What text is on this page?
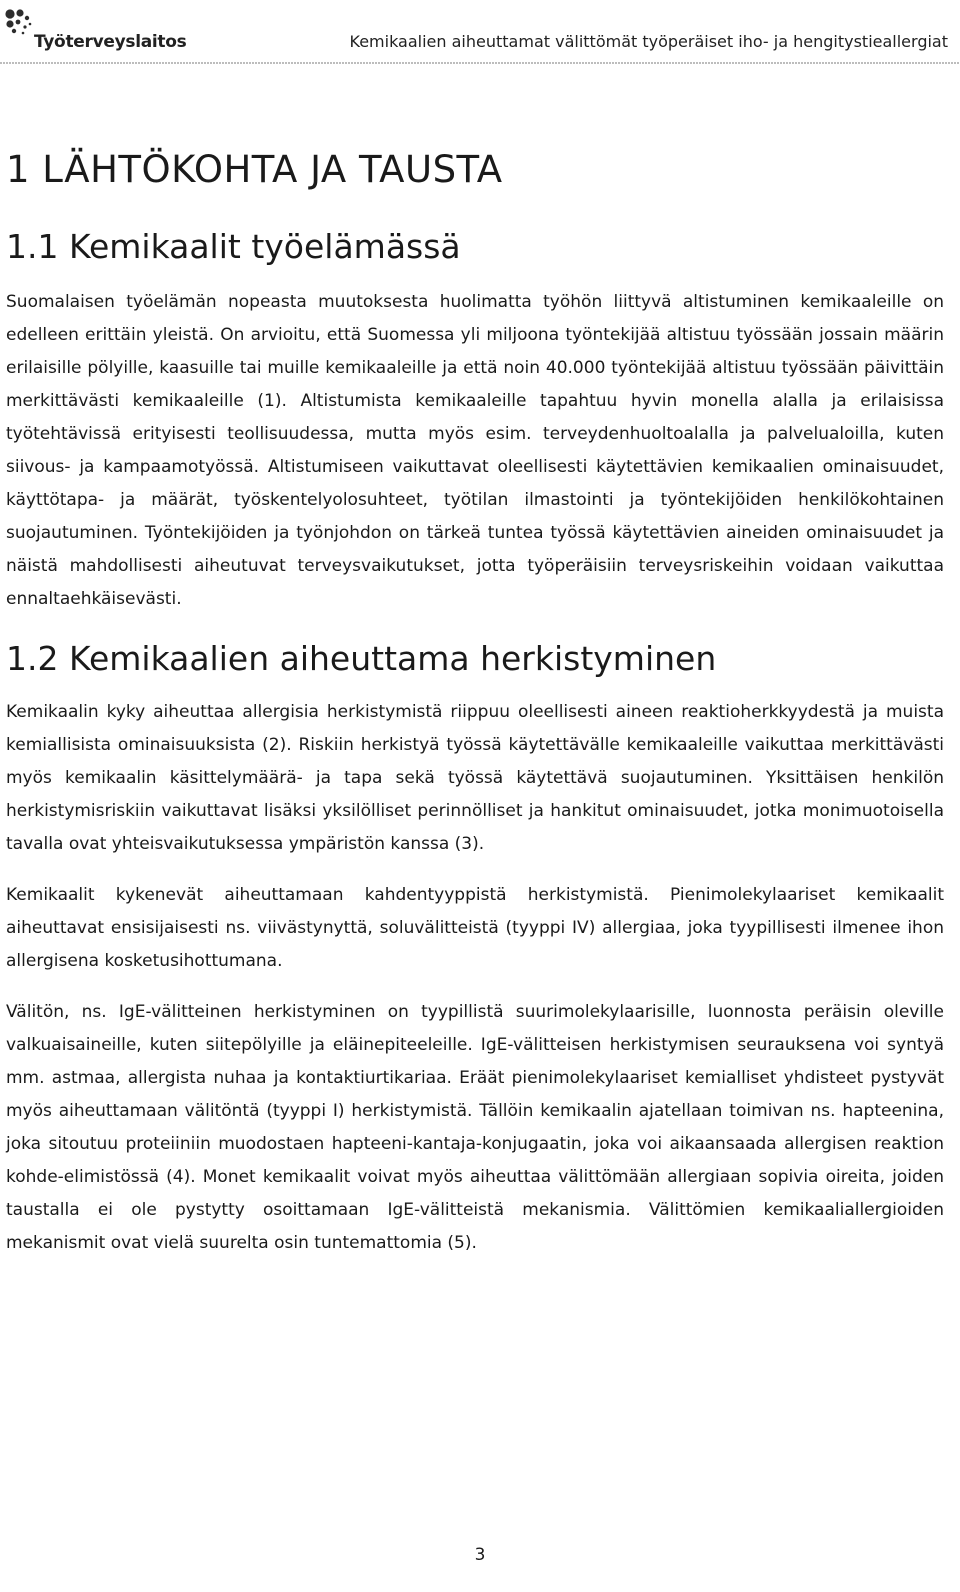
Työterveyslaitos	Kemikaalien aiheuttamat välittömät työperäiset iho- ja hengitystieallergiat
1 LÄHTÖKOHTA JA TAUSTA
1.1 Kemikaalit työelämässä

Suomalaisen työelämän nopeasta muutoksesta huolimatta työhön liittyvä altistuminen kemikaaleille on edelleen erittäin yleistä. On arvioitu, että Suomessa yli miljoona työntekijää altistuu työssään jossain määrin erilaisille pölyille, kaasuille tai muille kemikaaleille ja että noin 40.000 työntekijää altistuu työssään päivittäin merkittävästi kemikaaleille (1). Altistumista kemikaaleille tapahtuu hyvin monella alalla ja erilaisissa työtehtävissä erityisesti teollisuudessa, mutta myös esim. terveydenhuoltoalalla ja palvelualoilla, kuten siivous- ja kampaamotyössä. Altistumiseen vaikuttavat oleellisesti käytettävien kemikaalien ominaisuudet, käyttötapa- ja määrät, työskentelyolosuhteet, työtilan ilmastointi ja työntekijöiden henkilökohtainen suojautuminen. Työntekijöiden ja työnjohdon on tärkeä tuntea työssä käytettävien aineiden ominaisuudet ja näistä mahdollisesti aiheutuvat terveysvaikutukset, jotta työperäisiin terveysriskeihin voidaan vaikuttaa ennaltaehkäisevästi.

1.2 Kemikaalien aiheuttama herkistyminen

Kemikaalin kyky aiheuttaa allergisia herkistymistä riippuu oleellisesti aineen reaktioherkkyydestä ja muista kemiallisista ominaisuuksista (2). Riskiin herkistyä työssä käytettävälle kemikaaleille vaikuttaa merkittävästi myös kemikaalin käsittelymäärä- ja tapa sekä työssä käytettävä suojautuminen. Yksittäisen henkilön herkistymisriskiin vaikuttavat lisäksi yksilölliset perinnölliset ja hankitut ominaisuudet, jotka monimuotoisella tavalla ovat yhteisvaikutuksessa ympäristön kanssa (3).

Kemikaalit kykenevät aiheuttamaan kahdentyyppistä herkistymistä. Pienimolekylaariset kemikaalit aiheuttavat ensisijaisesti ns. viivästynyttä, soluvälitteistä (tyyppi IV) allergiaa, joka tyypillisesti ilmenee ihon allergisena kosketusihottumana.

Välitön, ns. IgE-välitteinen herkistyminen on tyypillistä suurimolekylaarisille, luonnosta peräisin oleville valkuaisaineille, kuten siitepölyille ja eläinepiteeleille. IgE-välitteisen herkistymisen seurauksena voi syntyä mm. astmaa, allergista nuhaa ja kontaktiurtikariaa. Eräät pienimolekylaariset kemialliset yhdisteet pystyvät myös aiheuttamaan välitöntä (tyyppi I) herkistymistä. Tällöin kemikaalin ajatellaan toimivan ns. hapteenina, joka sitoutuu proteiiniin muodostaen hapteeni-kantaja-konjugaatin, joka voi aikaansaada allergisen reaktion kohde-elimistössä (4). Monet kemikaalit voivat myös aiheuttaa välittömään allergiaan sopivia oireita, joiden taustalla ei ole pystytty osoittamaan IgE-välitteistä mekanismia. Välittömien kemikaaliallergioiden mekanismit ovat vielä suurelta osin tuntemattomia (5).

3
